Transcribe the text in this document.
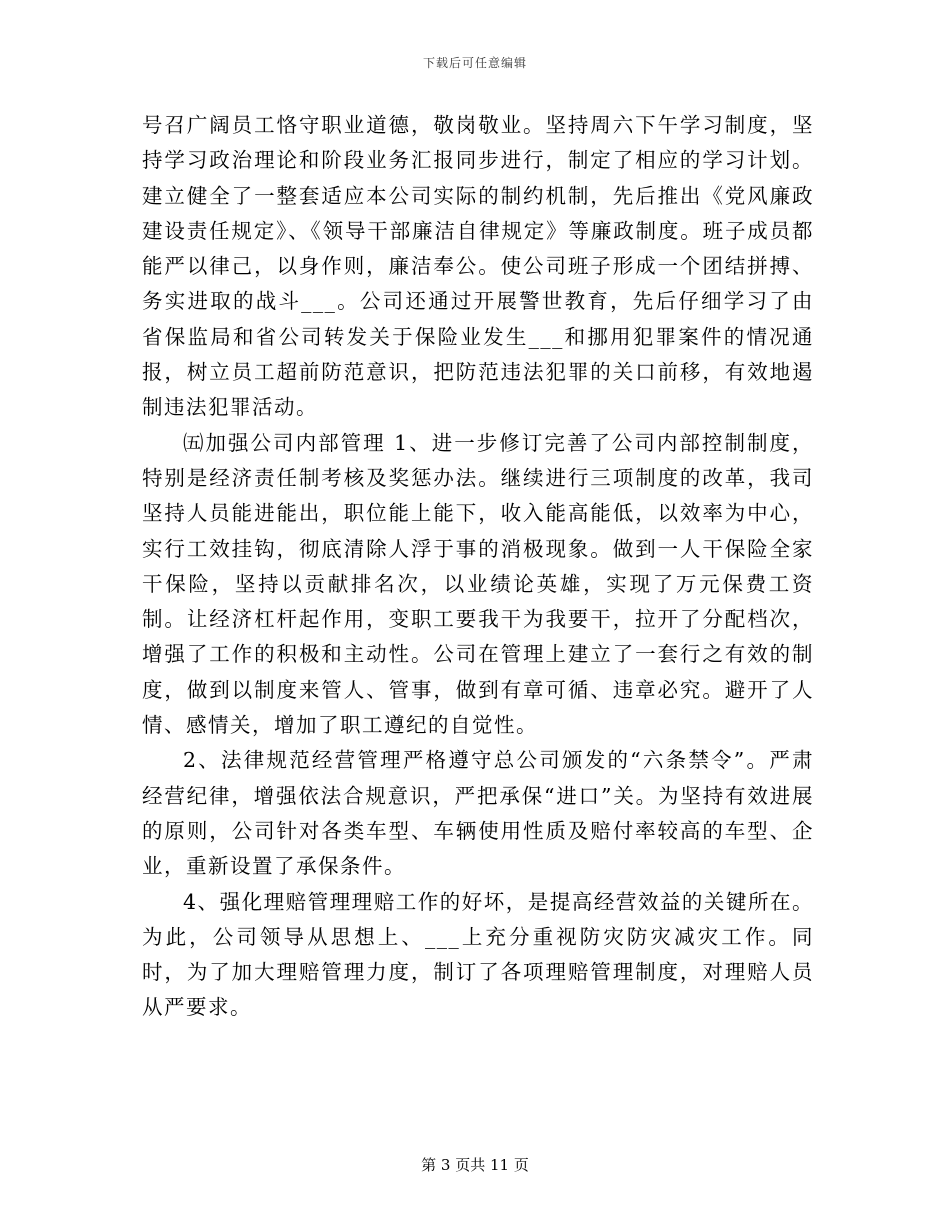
下载后可任意编辑

号召广阔员工恪守职业道德，敬岗敬业。坚持周六下午学习制度，坚持学习政治理论和阶段业务汇报同步进行，制定了相应的学习计划。建立健全了一整套适应本公司实际的制约机制，先后推出《党风廉政建设责任规定》、《领导干部廉洁自律规定》等廉政制度。班子成员都能严以律己，以身作则，廉洁奉公。使公司班子形成一个团结拼搏、务实进取的战斗___。公司还通过开展警世教育，先后仔细学习了由省保监局和省公司转发关于保险业发生___和挪用犯罪案件的情况通报，树立员工超前防范意识，把防范违法犯罪的关口前移，有效地遏制违法犯罪活动。

㈤加强公司内部管理 1、进一步修订完善了公司内部控制制度，特别是经济责任制考核及奖惩办法。继续进行三项制度的改革，我司坚持人员能进能出，职位能上能下，收入能高能低，以效率为中心，实行工效挂钩，彻底清除人浮于事的消极现象。做到一人干保险全家干保险，坚持以贡献排名次，以业绩论英雄，实现了万元保费工资制。让经济杠杆起作用，变职工要我干为我要干，拉开了分配档次，增强了工作的积极和主动性。公司在管理上建立了一套行之有效的制度，做到以制度来管人、管事，做到有章可循、违章必究。避开了人情、感情关，增加了职工遵纪的自觉性。

2、法律规范经营管理严格遵守总公司颁发的“六条禁令”。严肃经营纪律，增强依法合规意识，严把承保“进口”关。为坚持有效进展的原则，公司针对各类车型、车辆使用性质及赔付率较高的车型、企业，重新设置了承保条件。

4、强化理赔管理理赔工作的好坏，是提高经营效益的关键所在。为此，公司领导从思想上、___上充分重视防灾防灾减灾工作。同时，为了加大理赔管理力度，制订了各项理赔管理制度，对理赔人员从严要求。

第 3 页共 11 页
